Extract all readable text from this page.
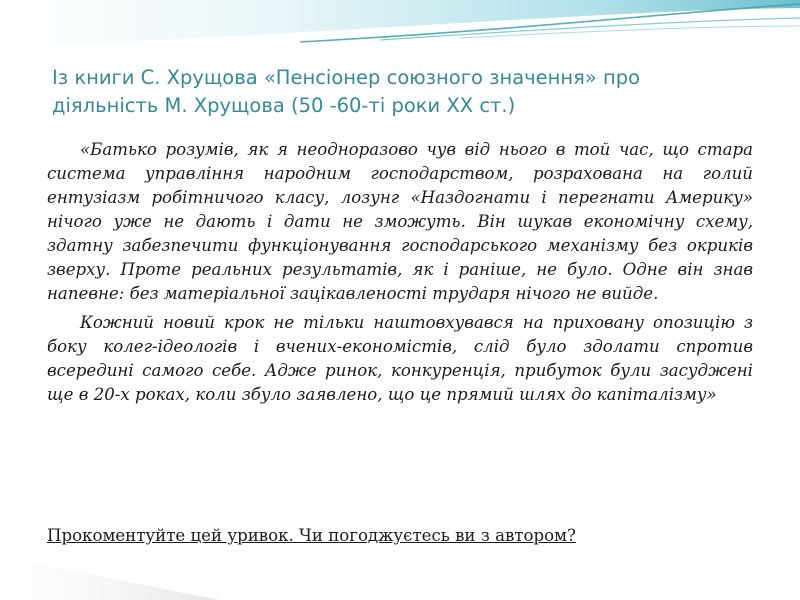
Із книги С. Хрущова «Пенсіонер союзного значення» про
діяльність М. Хрущова (50 -60-ті роки ХХ ст.)

«Батько розумів, як я неодноразово чув від нього в той час, що стара система управління народним господарством, розрахована на голий ентузіазм робітничого класу, лозунг «Наздогнати і перегнати Америку» нічого уже не дають і дати не зможуть. Він шукав економічну схему, здатну забезпечити функціонування господарського механізму без окриків зверху. Проте реальних результатів, як і раніше, не було. Одне він знав напевне: без матеріальної зацікавленості трударя нічого не вийде.

Кожний новий крок не тільки наштовхувався на приховану опозицію з боку колег-ідеологів і вчених-економістів, слід було здолати спротив всередині самого себе. Адже ринок, конкуренція, прибуток були засуджені ще в 20-х роках, коли збуло заявлено, що це прямий шлях до капіталізму»

Прокоментуйте цей уривок. Чи погоджуєтесь ви з автором?
